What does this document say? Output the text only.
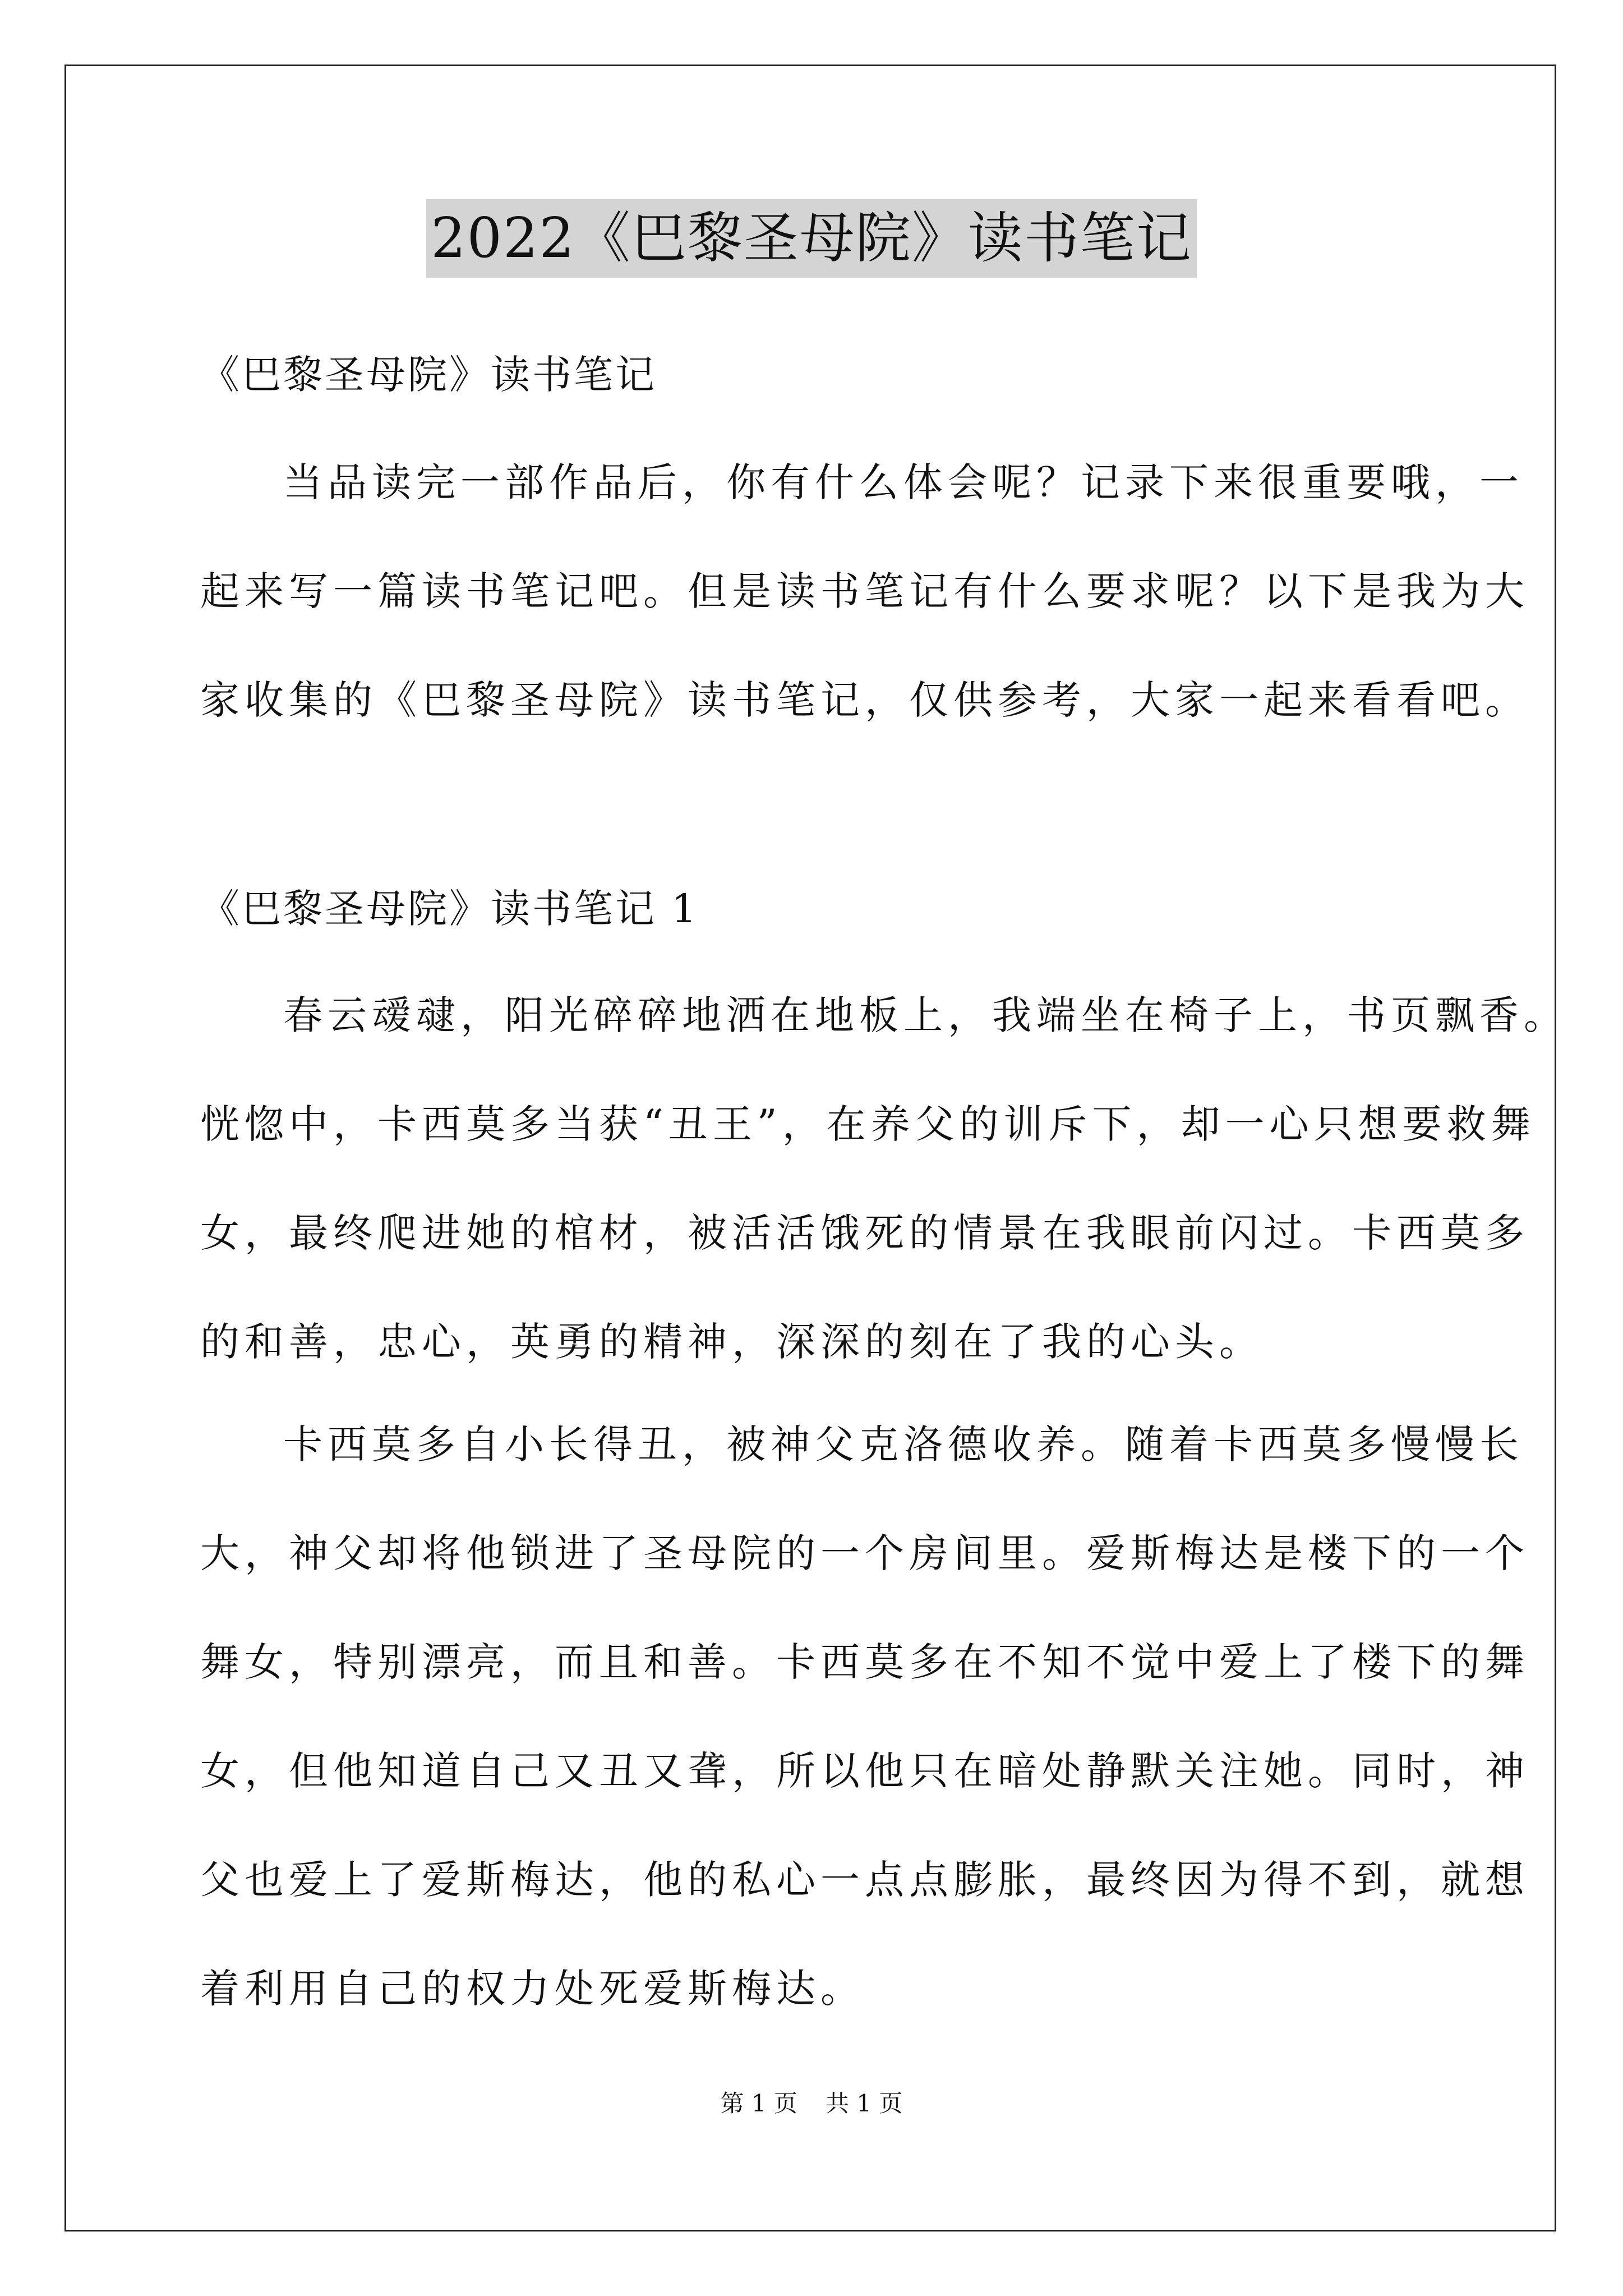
2022《巴黎圣母院》读书笔记
《巴黎圣母院》读书笔记
当品读完一部作品后，你有什么体会呢？记录下来很重要哦，一
起来写一篇读书笔记吧。但是读书笔记有什么要求呢？以下是我为大
家收集的《巴黎圣母院》读书笔记，仅供参考，大家一起来看看吧。
《巴黎圣母院》读书笔记 1
春云叆叇，阳光碎碎地洒在地板上，我端坐在椅子上，书页飘香。
恍惚中，卡西莫多当获“丑王”，在养父的训斥下，却一心只想要救舞
女，最终爬进她的棺材，被活活饿死的情景在我眼前闪过。卡西莫多
的和善，忠心，英勇的精神，深深的刻在了我的心头。
卡西莫多自小长得丑，被神父克洛德收养。随着卡西莫多慢慢长
大，神父却将他锁进了圣母院的一个房间里。爱斯梅达是楼下的一个
舞女，特别漂亮，而且和善。卡西莫多在不知不觉中爱上了楼下的舞
女，但他知道自己又丑又聋，所以他只在暗处静默关注她。同时，神
父也爱上了爱斯梅达，他的私心一点点膨胀，最终因为得不到，就想
着利用自己的权力处死爱斯梅达。
第 1 页 共 1 页
